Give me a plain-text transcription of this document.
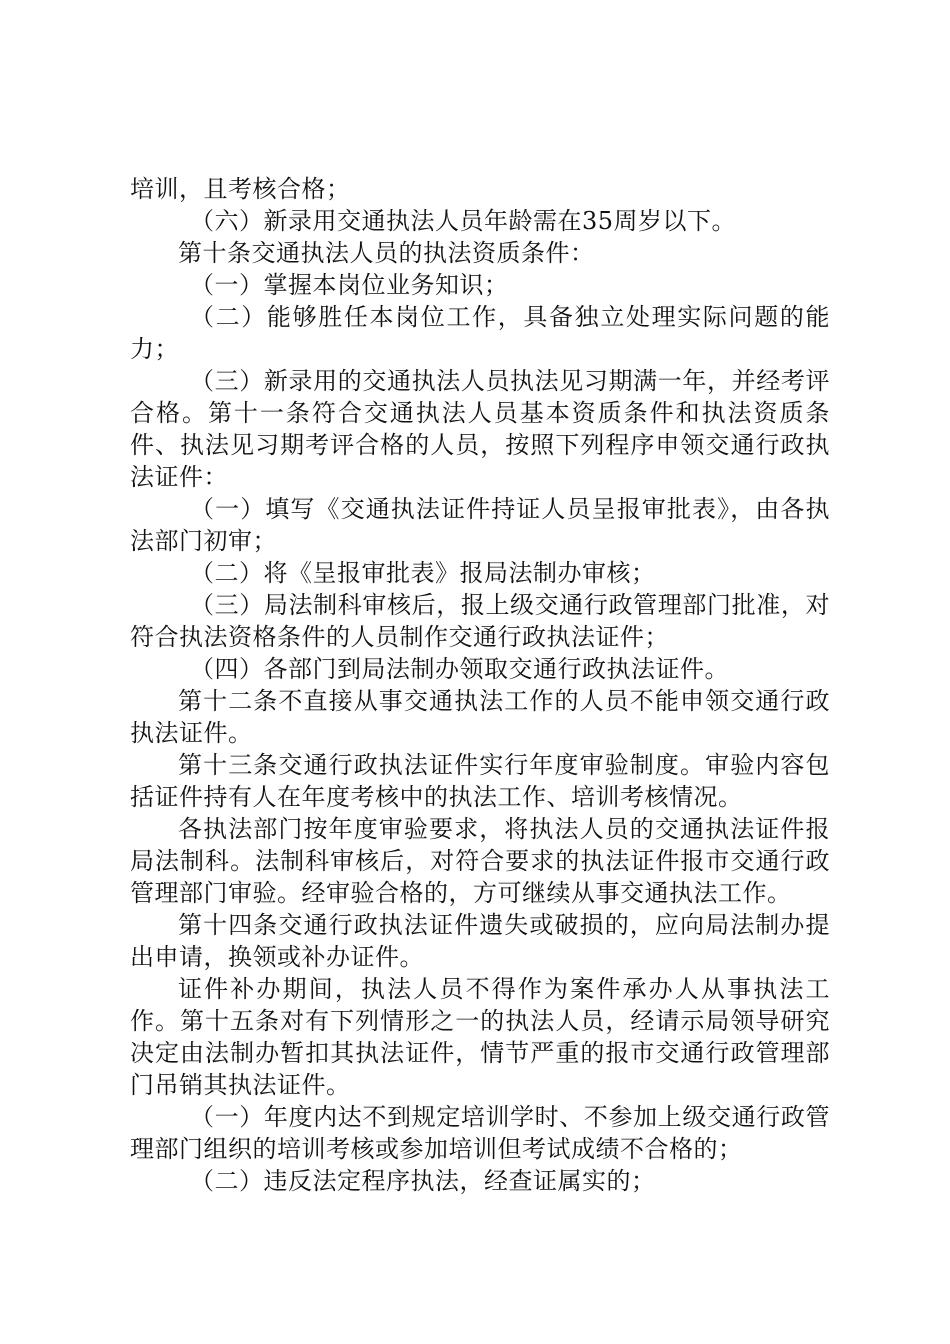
培训，且考核合格；

（六）新录用交通执法人员年龄需在35周岁以下。

第十条交通执法人员的执法资质条件：

（一）掌握本岗位业务知识；

（二）能够胜任本岗位工作，具备独立处理实际问题的能力；

（三）新录用的交通执法人员执法见习期满一年，并经考评合格。第十一条符合交通执法人员基本资质条件和执法资质条件、执法见习期考评合格的人员，按照下列程序申领交通行政执法证件：

（一）填写《交通执法证件持证人员呈报审批表》，由各执法部门初审；

（二）将《呈报审批表》报局法制办审核；

（三）局法制科审核后，报上级交通行政管理部门批准，对符合执法资格条件的人员制作交通行政执法证件；

（四）各部门到局法制办领取交通行政执法证件。

第十二条不直接从事交通执法工作的人员不能申领交通行政执法证件。

第十三条交通行政执法证件实行年度审验制度。审验内容包括证件持有人在年度考核中的执法工作、培训考核情况。

各执法部门按年度审验要求，将执法人员的交通执法证件报局法制科。法制科审核后，对符合要求的执法证件报市交通行政管理部门审验。经审验合格的，方可继续从事交通执法工作。

第十四条交通行政执法证件遗失或破损的，应向局法制办提出申请，换领或补办证件。

证件补办期间，执法人员不得作为案件承办人从事执法工作。第十五条对有下列情形之一的执法人员，经请示局领导研究决定由法制办暂扣其执法证件，情节严重的报市交通行政管理部门吊销其执法证件。

（一）年度内达不到规定培训学时、不参加上级交通行政管理部门组织的培训考核或参加培训但考试成绩不合格的；

（二）违反法定程序执法，经查证属实的；
